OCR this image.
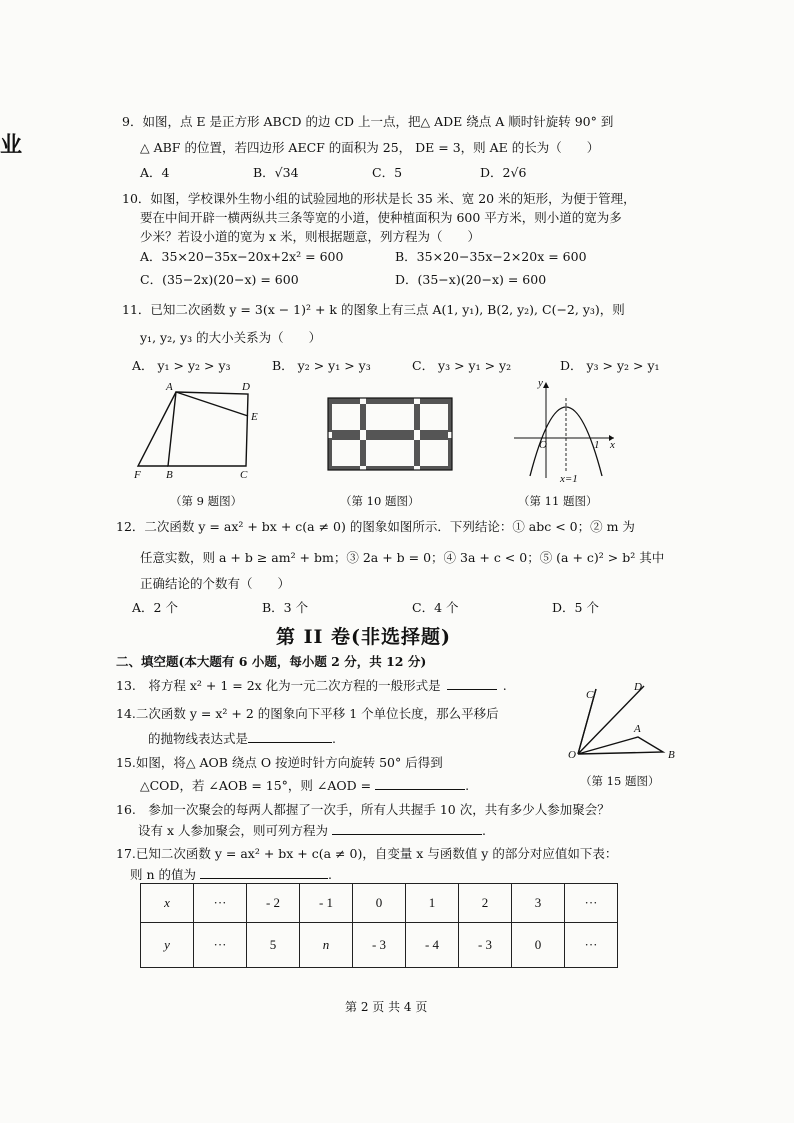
业
9．如图，点 E 是正方形 ABCD 的边 CD 上一点，把△ ADE 绕点 A 顺时针旋转 90° 到
△ ABF 的位置，若四边形 AECF 的面积为 25， DE = 3，则 AE 的长为（　　）
A．4	B．√34	C．5	D．2√6
10．如图，学校课外生物小组的试验园地的形状是长 35 米、宽 20 米的矩形，为便于管理，
要在中间开辟一横两纵共三条等宽的小道，使种植面积为 600 平方米，则小道的宽为多
少米？若设小道的宽为 x 米，则根据题意，列方程为（　　）
A．35×20−35x−20x+2x² = 600	B．35×20−35x−2×20x = 600
C．(35−2x)(20−x) = 600	D．(35−x)(20−x) = 600
11．已知二次函数 y = 3(x − 1)² + k 的图象上有三点 A(1, y₁), B(2, y₂), C(−2, y₃)，则
y₁, y₂, y₃ 的大小关系为（　　）
A． y₁ > y₂ > y₃	B． y₂ > y₁ > y₃	C． y₃ > y₁ > y₂	D． y₃ > y₂ > y₁
A	D
E
F B	C
（第 9 题图）	（第 10 题图）
y
O	x
1
x=1
（第 11 题图）
12．二次函数 y = ax² + bx + c(a ≠ 0) 的图象如图所示．下列结论：① abc < 0；② m 为
任意实数，则 a + b ≥ am² + bm；③ 2a + b = 0；④ 3a + c < 0；⑤ (a + c)² > b² 其中
正确结论的个数有（　　）
A．2 个	B．3 个	C．4 个	D．5 个
第 II 卷(非选择题)
二、填空题(本大题有 6 小题，每小题 2 分，共 12 分)
13.　将方程 x² + 1 = 2x 化为一元二次方程的一般形式是	.
14.二次函数 y = x² + 2 的图象向下平移 1 个单位长度，那么平移后
的抛物线表达式是	.
C
D
A
O	B
（第 15 题图）
15.如图，将△ AOB 绕点 O 按逆时针方向旋转 50° 后得到
△COD，若 ∠AOB = 15°，则 ∠AOD =	.
16.　参加一次聚会的每两人都握了一次手，所有人共握手 10 次，共有多少人参加聚会？
设有 x 人参加聚会，则可列方程为	.
17.已知二次函数 y = ax² + bx + c(a ≠ 0)，自变量 x 与函数值 y 的部分对应值如下表：
则 n 的值为	.
x	···	- 2	- 1	0	1	2	3	···
y	···	5	n	- 3	- 4	- 3	0	···
第 2 页 共 4 页
